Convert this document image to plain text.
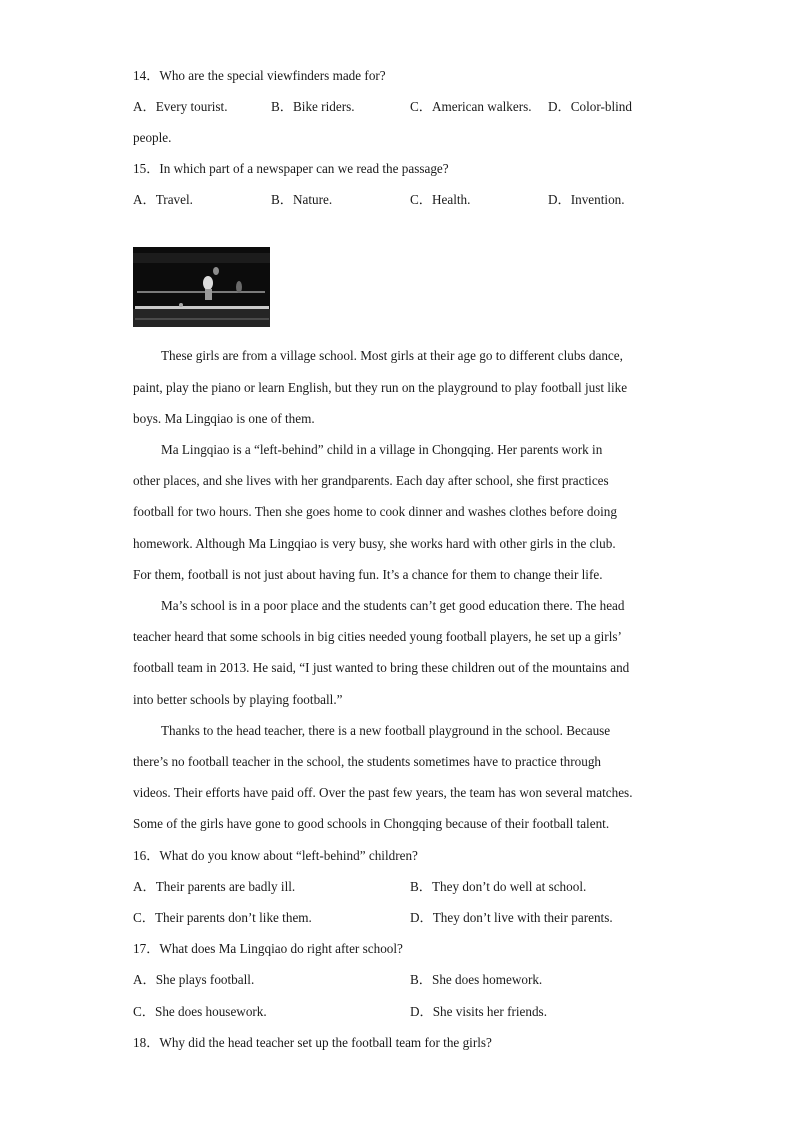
14．Who are the special viewfinders made for?
A．Every tourist.	B．Bike riders.	C．American walkers. D．Color-blind
people.
15．In which part of a newspaper can we read the passage?
A．Travel.	B．Nature.	C．Health.	D．Invention.
These girls are from a village school. Most girls at their age go to different clubs dance,
paint, play the piano or learn English, but they run on the playground to play football just like
boys. Ma Lingqiao is one of them.
Ma Lingqiao is a “left-behind” child in a village in Chongqing. Her parents work in
other places, and she lives with her grandparents. Each day after school, she first practices
football for two hours. Then she goes home to cook dinner and washes clothes before doing
homework. Although Ma Lingqiao is very busy, she works hard with other girls in the club.
For them, football is not just about having fun. It’s a chance for them to change their life.
Ma’s school is in a poor place and the students can’t get good education there. The head
teacher heard that some schools in big cities needed young football players, he set up a girls’
football team in 2013. He said, “I just wanted to bring these children out of the mountains and
into better schools by playing football.”
Thanks to the head teacher, there is a new football playground in the school. Because
there’s no football teacher in the school, the students sometimes have to practice through
videos. Their efforts have paid off. Over the past few years, the team has won several matches.
Some of the girls have gone to good schools in Chongqing because of their football talent.
16．What do you know about “left-behind” children?
A．Their parents are badly ill.	B．They don’t do well at school.
C．Their parents don’t like them.	D．They don’t live with their parents.
17．What does Ma Lingqiao do right after school?
A．She plays football.	B．She does homework.
C．She does housework.	D．She visits her friends.
18．Why did the head teacher set up the football team for the girls?
